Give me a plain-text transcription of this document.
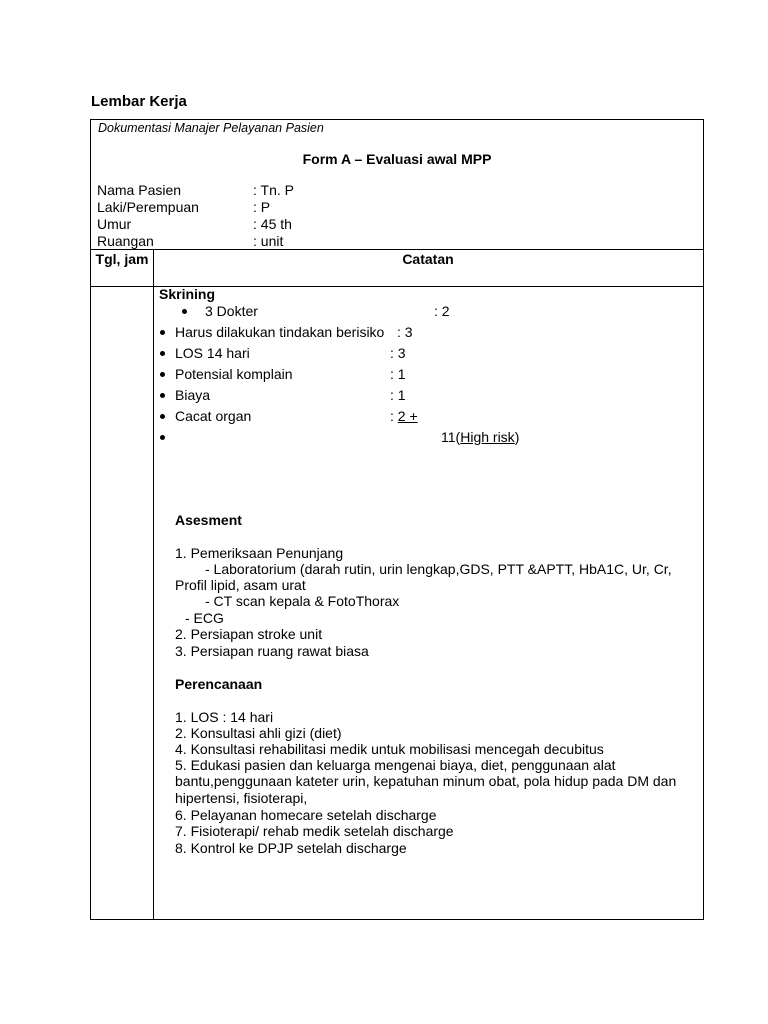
Lembar Kerja
Dokumentasi Manajer Pelayanan Pasien
Form A – Evaluasi awal MPP
Nama Pasien	: Tn. P
Laki/Perempuan	: P
Umur	: 45 th
Ruangan	: unit
Tgl, jam	Catatan
Skrining
3 Dokter	: 2
Harus dilakukan tindakan berisiko : 3
LOS 14 hari	: 3
Potensial komplain	: 1
Biaya	: 1
Cacat organ	: 2 +
11(High risk)
Asesment
1. Pemeriksaan Penunjang
- Laboratorium (darah rutin, urin lengkap,GDS, PTT &APTT, HbA1C, Ur, Cr,
Profil lipid, asam urat
- CT scan kepala & FotoThorax
- ECG
2. Persiapan stroke unit
3. Persiapan ruang rawat biasa
Perencanaan
1. LOS : 14 hari
2. Konsultasi ahli gizi (diet)
4. Konsultasi rehabilitasi medik untuk mobilisasi mencegah decubitus
5. Edukasi pasien dan keluarga mengenai biaya, diet, penggunaan alat
bantu,penggunaan kateter urin, kepatuhan minum obat, pola hidup pada DM dan
hipertensi, fisioterapi,
6. Pelayanan homecare setelah discharge
7. Fisioterapi/ rehab medik setelah discharge
8. Kontrol ke DPJP setelah discharge
